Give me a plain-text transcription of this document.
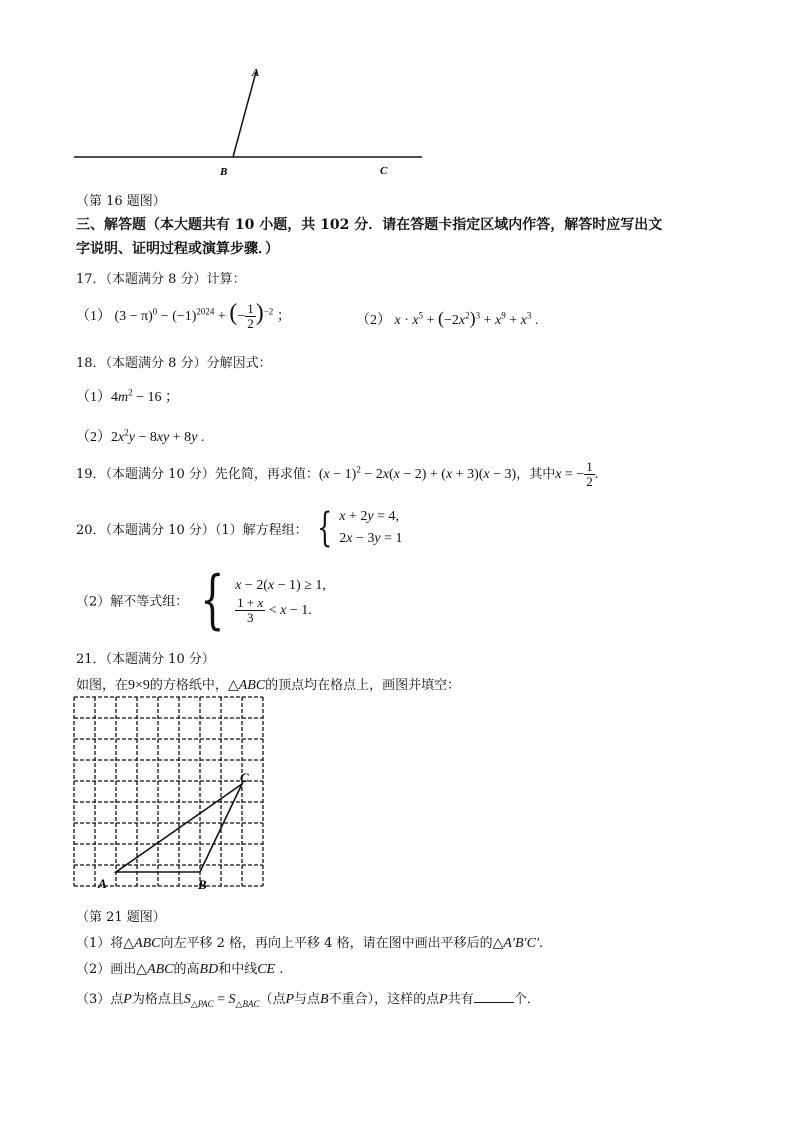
A
B	C
（第 16 题图）
三、解答题（本大题共有 10 小题，共 102 分．请在答题卡指定区域内作答，解答时应写出文
字说明、证明过程或演算步骤．）
17．（本题满分 8 分）计算：
（1） $(3 - \pi)^0 - (-1)^{2024}$ + (− $\frac{1}{2} )^{-2}$ ；	（2） $x \cdot x^5 + (-2x^2)^3 + x^9 + x^3$ .
18．（本题满分 8 分）分解因式：
$(1)4m^2 - 16$ ；
$(2)2x^2y - 8xy + 8y$ .
19．（本题满分 10 分）先化简，再求值：$(x - 1)^2 - 2x(x - 2) + (x + 3)(x - 3)$，其中x = − $\frac{1}{2}$ .
20．（本题满分 10 分）（1）解方程组： { x + 2y = 4,
2x − 3y = 1
（2）解不等式组： { x − 2(x − 1) ≥ 1,
$\frac{1 + x}{3} < x - 1$.
21．（本题满分 10 分）
如图，在9×9的方格纸中，△ABC的顶点均在格点上，画图并填空：
A	B
C
（第 21 题图）
（1）将△ABC向左平移 2 格，再向上平移 4 格，请在图中画出平移后的△A′B′C′.
（2）画出△ABC的高BD和中线CE .
（3）点P为格点且$S_{\triangle PAC} = S_{\triangle BAC}$（点P与点B不重合），这样的点P共有	个．
